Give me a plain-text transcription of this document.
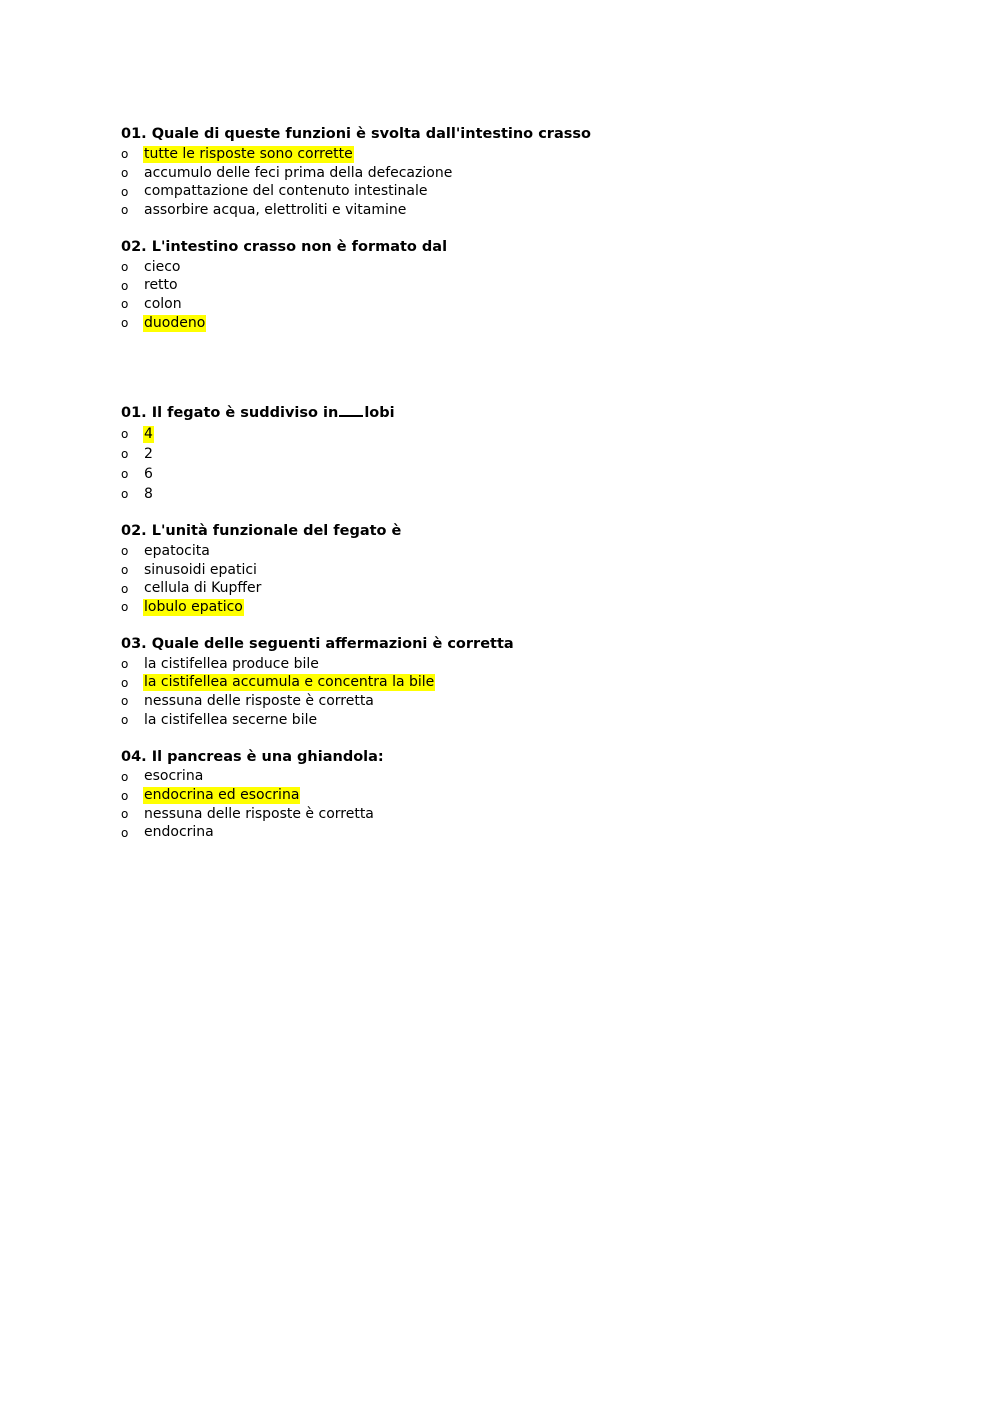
01. Quale di queste funzioni è svolta dall'intestino crasso
o	tutte le risposte sono corrette
o	accumulo delle feci prima della defecazione
o	compattazione del contenuto intestinale
o	assorbire acqua, elettroliti e vitamine
02. L'intestino crasso non è formato dal
o	cieco
o	retto
o	colon
o	duodeno
01. Il fegato è suddiviso in lobi
o	4
o	2
o	6
o	8
02. L'unità funzionale del fegato è
o	epatocita
o	sinusoidi epatici
o	cellula di Kupffer
o	lobulo epatico
03. Quale delle seguenti affermazioni è corretta
o	la cistifellea produce bile
o	la cistifellea accumula e concentra la bile
o	nessuna delle risposte è corretta
o	la cistifellea secerne bile
04. Il pancreas è una ghiandola:
o	esocrina
o	endocrina ed esocrina
o	nessuna delle risposte è corretta
o	endocrina
